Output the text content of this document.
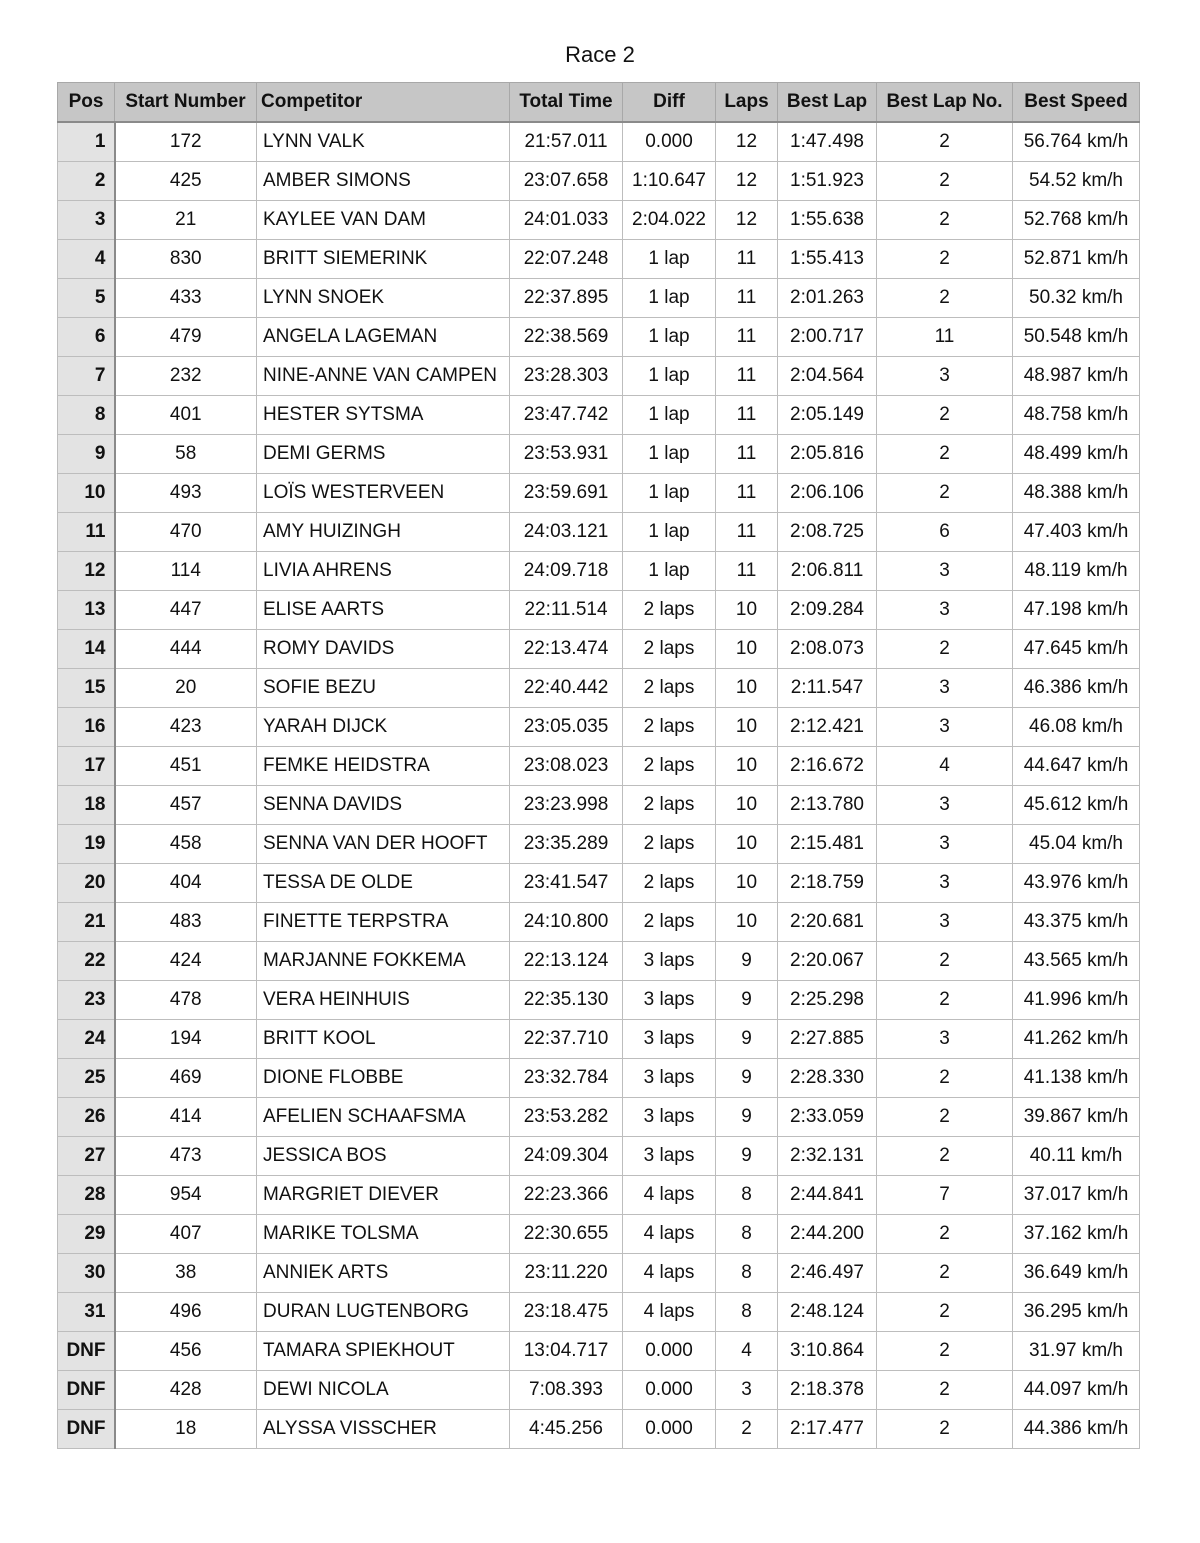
Race 2
Pos	Start Number	Competitor	Total Time	Diff	Laps	Best Lap	Best Lap No.	Best Speed
1	172	LYNN VALK	21:57.011	0.000	12	1:47.498	2	56.764 km/h
2	425	AMBER SIMONS	23:07.658	1:10.647	12	1:51.923	2	54.52 km/h
3	21	KAYLEE VAN DAM	24:01.033	2:04.022	12	1:55.638	2	52.768 km/h
4	830	BRITT SIEMERINK	22:07.248	1 lap	11	1:55.413	2	52.871 km/h
5	433	LYNN SNOEK	22:37.895	1 lap	11	2:01.263	2	50.32 km/h
6	479	ANGELA LAGEMAN	22:38.569	1 lap	11	2:00.717	11	50.548 km/h
7	232	NINE-ANNE VAN CAMPEN	23:28.303	1 lap	11	2:04.564	3	48.987 km/h
8	401	HESTER SYTSMA	23:47.742	1 lap	11	2:05.149	2	48.758 km/h
9	58	DEMI GERMS	23:53.931	1 lap	11	2:05.816	2	48.499 km/h
10	493	LOÏS WESTERVEEN	23:59.691	1 lap	11	2:06.106	2	48.388 km/h
11	470	AMY HUIZINGH	24:03.121	1 lap	11	2:08.725	6	47.403 km/h
12	114	LIVIA AHRENS	24:09.718	1 lap	11	2:06.811	3	48.119 km/h
13	447	ELISE AARTS	22:11.514	2 laps	10	2:09.284	3	47.198 km/h
14	444	ROMY DAVIDS	22:13.474	2 laps	10	2:08.073	2	47.645 km/h
15	20	SOFIE BEZU	22:40.442	2 laps	10	2:11.547	3	46.386 km/h
16	423	YARAH DIJCK	23:05.035	2 laps	10	2:12.421	3	46.08 km/h
17	451	FEMKE HEIDSTRA	23:08.023	2 laps	10	2:16.672	4	44.647 km/h
18	457	SENNA DAVIDS	23:23.998	2 laps	10	2:13.780	3	45.612 km/h
19	458	SENNA VAN DER HOOFT	23:35.289	2 laps	10	2:15.481	3	45.04 km/h
20	404	TESSA DE OLDE	23:41.547	2 laps	10	2:18.759	3	43.976 km/h
21	483	FINETTE TERPSTRA	24:10.800	2 laps	10	2:20.681	3	43.375 km/h
22	424	MARJANNE FOKKEMA	22:13.124	3 laps	9	2:20.067	2	43.565 km/h
23	478	VERA HEINHUIS	22:35.130	3 laps	9	2:25.298	2	41.996 km/h
24	194	BRITT KOOL	22:37.710	3 laps	9	2:27.885	3	41.262 km/h
25	469	DIONE FLOBBE	23:32.784	3 laps	9	2:28.330	2	41.138 km/h
26	414	AFELIEN SCHAAFSMA	23:53.282	3 laps	9	2:33.059	2	39.867 km/h
27	473	JESSICA BOS	24:09.304	3 laps	9	2:32.131	2	40.11 km/h
28	954	MARGRIET DIEVER	22:23.366	4 laps	8	2:44.841	7	37.017 km/h
29	407	MARIKE TOLSMA	22:30.655	4 laps	8	2:44.200	2	37.162 km/h
30	38	ANNIEK ARTS	23:11.220	4 laps	8	2:46.497	2	36.649 km/h
31	496	DURAN LUGTENBORG	23:18.475	4 laps	8	2:48.124	2	36.295 km/h
DNF	456	TAMARA SPIEKHOUT	13:04.717	0.000	4	3:10.864	2	31.97 km/h
DNF	428	DEWI NICOLA	7:08.393	0.000	3	2:18.378	2	44.097 km/h
DNF	18	ALYSSA VISSCHER	4:45.256	0.000	2	2:17.477	2	44.386 km/h
